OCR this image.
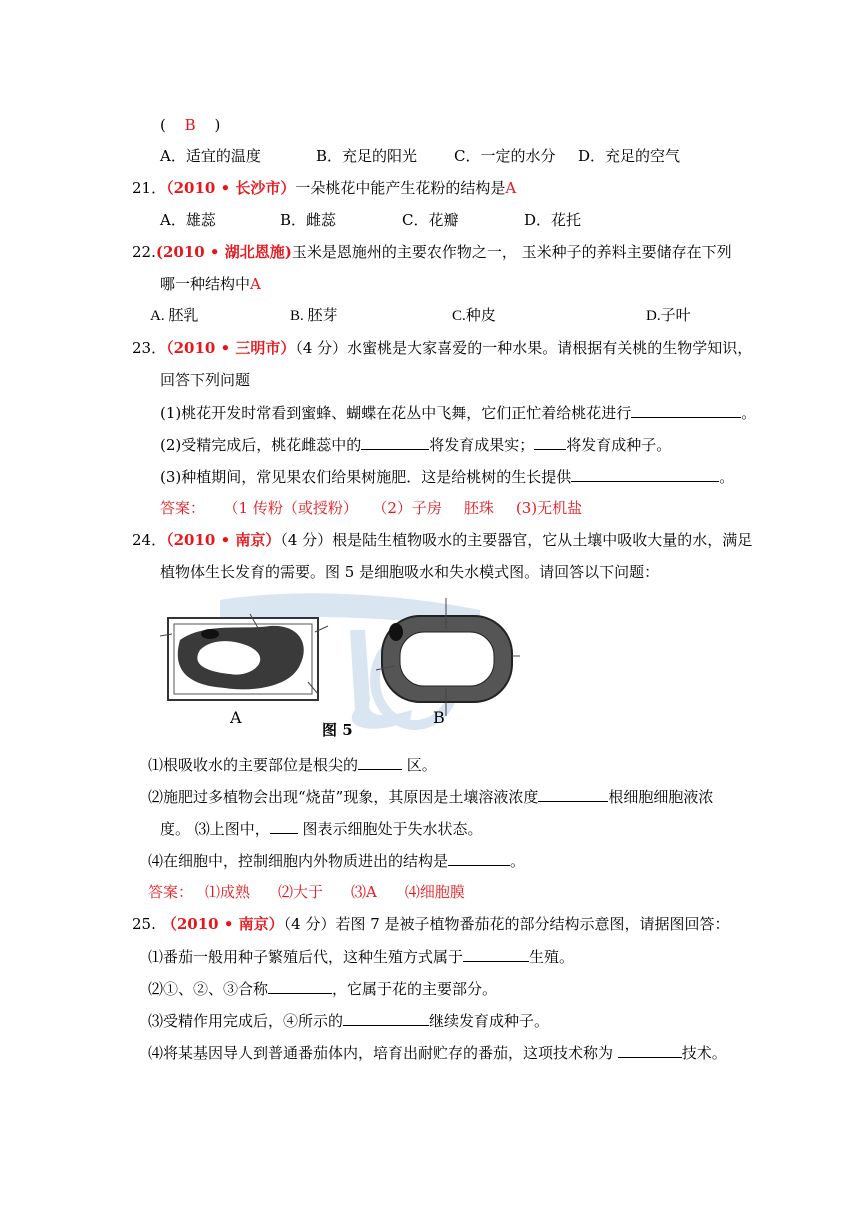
( B )
A．适宜的温度	B．充足的阳光 C．一定的水分 D．充足的空气
21．（2010 • 长沙市）一朵桃花中能产生花粉的结构是A
A．雄蕊	B．雌蕊	C．花瓣	D．花托
22.(2010 • 湖北恩施)玉米是恩施州的主要农作物之一， 玉米种子的养料主要储存在下列
哪一种结构中A
A. 胚乳	B. 胚芽	C.种皮	D.子叶
23．（2010 • 三明市）（4 分）水蜜桃是大家喜爱的一种水果。请根据有关桃的生物学知识，
回答下列问题
(1)桃花开发时常看到蜜蜂、蝴蝶在花丛中飞舞，它们正忙着给桃花进行	。
(2)受精完成后，桃花雌蕊中的	将发育成果实； 将发育成种子。
(3)种植期间，常见果农们给果树施肥．这是给桃树的生长提供	。
答案： （1 传粉（或授粉） （2）子房 胚珠 (3)无机盐
24．（2010 • 南京）（4 分）根是陆生植物吸水的主要器官，它从土壤中吸收大量的水，满足
植物体生长发育的需要。图 5 是细胞吸水和失水模式图。请回答以下问题：
A	B
图 5
⑴根吸收水的主要部位是根尖的	区。
⑵施肥过多植物会出现“烧苗”现象，其原因是土壤溶液浓度	根细胞细胞液浓
度。 ⑶上图中， 图表示细胞处于失水状态。
⑷在细胞中，控制细胞内外物质进出的结构是	。
答案： ⑴成熟 ⑵大于 ⑶A ⑷细胞膜
25. （2010 • 南京）（4 分）若图 7 是被子植物番茄花的部分结构示意图，请据图回答：
⑴番茄一般用种子繁殖后代，这种生殖方式属于	生殖。
⑵①、②、③合称	，它属于花的主要部分。
⑶受精作用完成后，④所示的	继续发育成种子。
⑷将某基因导人到普通番茄体内，培育出耐贮存的番茄，这项技术称为	技术。
